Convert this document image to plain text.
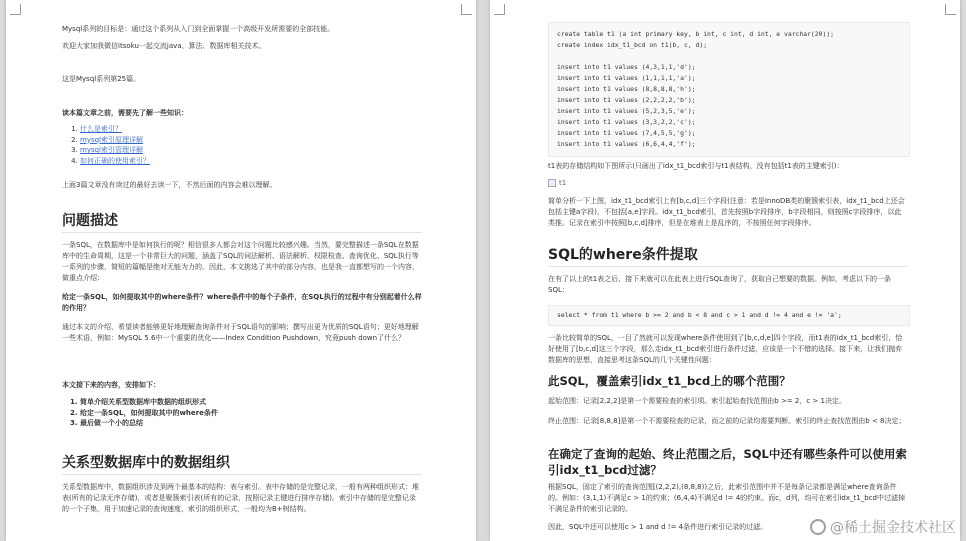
Mysql系列的目标是：通过这个系列从入门到全面掌握一个高级开发所需要的全部技能。

欢迎大家加我微信itsoku一起交流java、算法、数据库相关技术。

这是Mysql系列第25篇。

读本篇文章之前，需要先了解一些知识：

1. 什么是索引？
2. mysql索引原理详解
3. mysql索引管理详解
4. 如何正确的使用索引？

上面3篇文章没有读过的最好去读一下，不然后面的内容会难以理解。

问题描述

一条SQL，在数据库中是如何执行的呢？相信很多人都会对这个问题比较感兴趣。当然，要完整描述一条SQL在数据库中的生命周期，这是一个非常巨大的问题，涵盖了SQL的词法解析、语法解析、权限检查、查询优化、SQL执行等一系列的步骤，简短的篇幅是绝对无能为力的。因此，本文挑选了其中的部分内容，也是我一直都想写的一个内容，做重点介绍：

给定一条SQL，如何提取其中的where条件？where条件中的每个子条件，在SQL执行的过程中有分别起着什么样的作用？

通过本文的介绍，希望读者能够更好地理解查询条件对于SQL语句的影响；撰写出更为优质的SQL语句；更好地理解一些术语，例如：MySQL 5.6中一个重要的优化——Index Condition Pushdown，究竟push down了什么？

本文接下来的内容，安排如下：

1. 简单介绍关系型数据库中数据的组织形式
2. 给定一条SQL，如何提取其中的where条件
3. 最后做一个小的总结
关系型数据库中的数据组织

关系型数据库中，数据组织涉及到两个最基本的结构：表与索引。表中存储的是完整记录，一般有两种组织形式：堆表(所有的记录无序存储)，或者是聚簇索引表(所有的记录，按照记录主键进行排序存储)。索引中存储的是完整记录的一个子集，用于加速记录的查询速度，索引的组织形式，一般均为B+树结构。

create table t1 (a int primary key, b int, c int, d int, e varchar(20));
create index idx_t1_bcd on t1(b, c, d);
insert into t1 values (4,3,1,1,'d');
insert into t1 values (1,1,1,1,'a');
insert into t1 values (8,8,8,8,'h');
insert into t1 values (2,2,2,2,'b');
insert into t1 values (5,2,3,5,'e');
insert into t1 values (3,3,2,2,'c');
insert into t1 values (7,4,5,5,'g');
insert into t1 values (6,6,4,4,'f');

t1表的存储结构如下图所示(只画出了idx_t1_bcd索引与t1表结构，没有包括t1表的主键索引)：

t1

简单分析一下上图，idx_t1_bcd索引上有[b,c,d]三个字段(注意：若是InnoDB类的聚簇索引表，idx_t1_bcd上还会包括主键a字段)，不包括[a,e]字段。idx_t1_bcd索引，首先按照b字段排序，b字段相同，则按照c字段排序，以此类推。记录在索引中按照[b,c,d]排序，但是在堆表上是乱序的，不按照任何字段排序。

SQL的where条件提取

在有了以上的t1表之后，接下来就可以在此表上进行SQL查询了，获取自己想要的数据。例如，考虑以下的一条SQL：

select * from t1 where b >= 2 and b < 8 and c > 1 and d != 4 and e != 'a';

一条比较简单的SQL，一目了然就可以发现where条件使用到了[b,c,d,e]四个字段，而t1表的idx_t1_bcd索引，恰好使用了[b,c,d]这三个字段，那么走idx_t1_bcd索引进行条件过滤，应该是一个不错的选择。接下来，让我们抛弃数据库的思想，直接思考这条SQL的几个关键性问题：

此SQL，覆盖索引idx_t1_bcd上的哪个范围？

起始范围：记录[2,2,2]是第一个需要检查的索引项。索引起始查找范围由b >= 2，c > 1决定。

终止范围：记录[8,8,8]是第一个不需要检查的记录，而之前的记录均需要判断。索引的终止查找范围由b < 8决定；

在确定了查询的起始、终止范围之后，SQL中还有哪些条件可以使用索引idx_t1_bcd过滤？

根据SQL，固定了索引的查询范围[(2,2,2),(8,8,8))之后，此索引范围中并不是每条记录都是满足where查询条件的。例如：(3,1,1)不满足c > 1的约束；(6,4,4)不满足d != 4的约束。而c，d列，均可在索引idx_t1_bcd中过滤掉不满足条件的索引记录的。

因此，SQL中还可以使用c > 1 and d != 4条件进行索引记录的过滤。	@稀土掘金技术社区
